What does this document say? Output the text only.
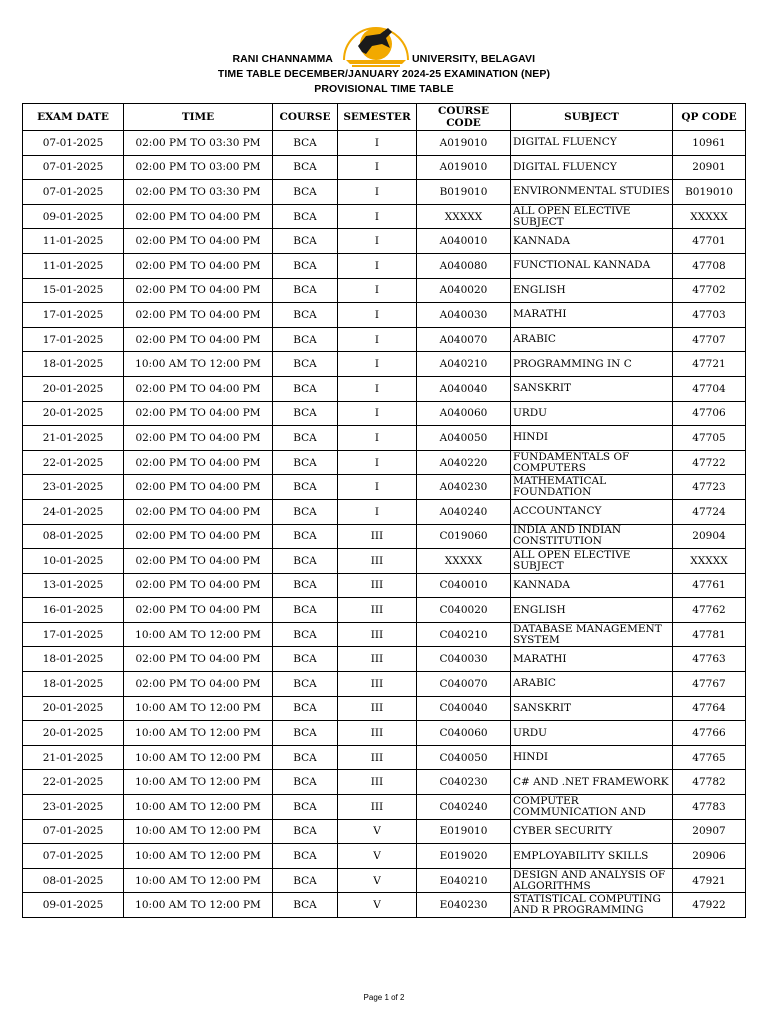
RANI CHANNAMMA	UNIVERSITY, BELAGAVI
TIME TABLE DECEMBER/JANUARY 2024-25 EXAMINATION (NEP)
PROVISIONAL TIME TABLE
EXAM DATE	TIME	COURSE	SEMESTER	COURSE CODE	SUBJECT	QP CODE
07-01-2025	02:00 PM TO 03:30 PM	BCA	I	A019010	DIGITAL FLUENCY	10961
07-01-2025	02:00 PM TO 03:00 PM	BCA	I	A019010	DIGITAL FLUENCY	20901
07-01-2025	02:00 PM TO 03:30 PM	BCA	I	B019010	ENVIRONMENTAL STUDIES	B019010
09-01-2025	02:00 PM TO 04:00 PM	BCA	I	XXXXX	ALL OPEN ELECTIVE SUBJECT	XXXXX
11-01-2025	02:00 PM TO 04:00 PM	BCA	I	A040010	KANNADA	47701
11-01-2025	02:00 PM TO 04:00 PM	BCA	I	A040080	FUNCTIONAL KANNADA	47708
15-01-2025	02:00 PM TO 04:00 PM	BCA	I	A040020	ENGLISH	47702
17-01-2025	02:00 PM TO 04:00 PM	BCA	I	A040030	MARATHI	47703
17-01-2025	02:00 PM TO 04:00 PM	BCA	I	A040070	ARABIC	47707
18-01-2025	10:00 AM TO 12:00 PM	BCA	I	A040210	PROGRAMMING IN C	47721
20-01-2025	02:00 PM TO 04:00 PM	BCA	I	A040040	SANSKRIT	47704
20-01-2025	02:00 PM TO 04:00 PM	BCA	I	A040060	URDU	47706
21-01-2025	02:00 PM TO 04:00 PM	BCA	I	A040050	HINDI	47705
22-01-2025	02:00 PM TO 04:00 PM	BCA	I	A040220	FUNDAMENTALS OF COMPUTERS	47722
23-01-2025	02:00 PM TO 04:00 PM	BCA	I	A040230	MATHEMATICAL FOUNDATION	47723
24-01-2025	02:00 PM TO 04:00 PM	BCA	I	A040240	ACCOUNTANCY	47724
08-01-2025	02:00 PM TO 04:00 PM	BCA	III	C019060	INDIA AND INDIAN CONSTITUTION	20904
10-01-2025	02:00 PM TO 04:00 PM	BCA	III	XXXXX	ALL OPEN ELECTIVE SUBJECT	XXXXX
13-01-2025	02:00 PM TO 04:00 PM	BCA	III	C040010	KANNADA	47761
16-01-2025	02:00 PM TO 04:00 PM	BCA	III	C040020	ENGLISH	47762
17-01-2025	10:00 AM TO 12:00 PM	BCA	III	C040210	DATABASE MANAGEMENT SYSTEM	47781
18-01-2025	02:00 PM TO 04:00 PM	BCA	III	C040030	MARATHI	47763
18-01-2025	02:00 PM TO 04:00 PM	BCA	III	C040070	ARABIC	47767
20-01-2025	10:00 AM TO 12:00 PM	BCA	III	C040040	SANSKRIT	47764
20-01-2025	10:00 AM TO 12:00 PM	BCA	III	C040060	URDU	47766
21-01-2025	10:00 AM TO 12:00 PM	BCA	III	C040050	HINDI	47765
22-01-2025	10:00 AM TO 12:00 PM	BCA	III	C040230	C# AND .NET FRAMEWORK	47782
23-01-2025	10:00 AM TO 12:00 PM	BCA	III	C040240	COMPUTER COMMUNICATION AND	47783
07-01-2025	10:00 AM TO 12:00 PM	BCA	V	E019010	CYBER SECURITY	20907
07-01-2025	10:00 AM TO 12:00 PM	BCA	V	E019020	EMPLOYABILITY SKILLS	20906
08-01-2025	10:00 AM TO 12:00 PM	BCA	V	E040210	DESIGN AND ANALYSIS OF ALGORITHMS	47921
09-01-2025	10:00 AM TO 12:00 PM	BCA	V	E040230	STATISTICAL COMPUTING AND R PROGRAMMING	47922
Page 1 of 2
